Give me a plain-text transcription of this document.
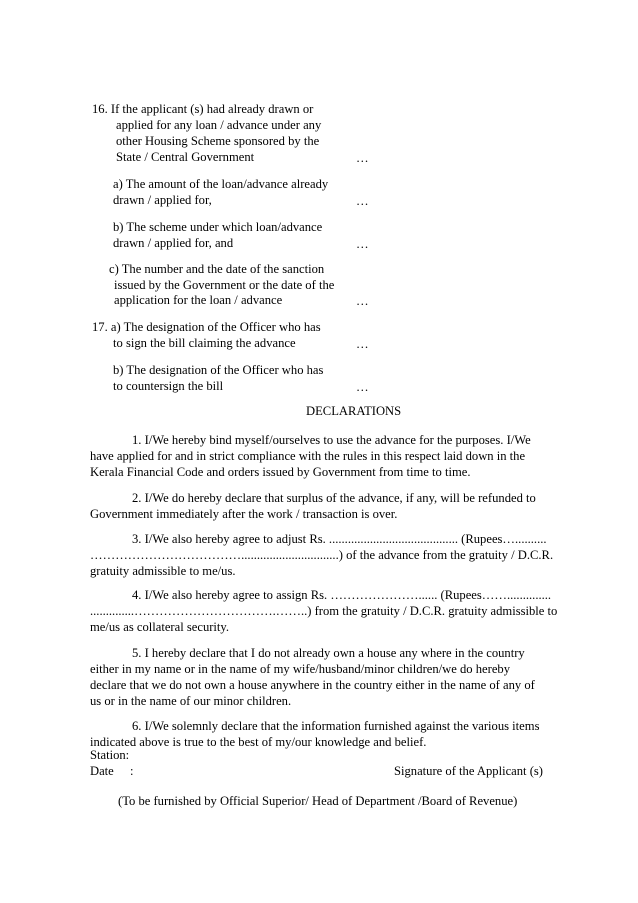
16. If the applicant (s) had already drawn or
applied for any loan / advance under any
other Housing Scheme sponsored by the
State / Central Government	…
a) The amount of the loan/advance already
drawn / applied for,	…
b) The scheme under which loan/advance
drawn / applied for, and	…
c) The number and the date of the sanction
issued by the Government or the date of the
application for the loan / advance	…
17. a) The designation of the Officer who has
to sign the bill claiming the advance	…
b) The designation of the Officer who has
to countersign the bill	…
DECLARATIONS
1. I/We hereby bind myself/ourselves to use the advance for the purposes. I/We
have applied for and in strict compliance with the rules in this respect laid down in the
Kerala Financial Code and orders issued by Government from time to time.
2. I/We do hereby declare that surplus of the advance, if any, will be refunded to
Government immediately after the work / transaction is over.
3. I/We also hereby agree to adjust Rs. ......................................... (Rupees…..........
………………………………...............................) of the advance from the gratuity / D.C.R.
gratuity admissible to me/us.
4. I/We also hereby agree to assign Rs. …………………...... (Rupees……..............
..............…………………………….……..) from the gratuity / D.C.R. gratuity admissible to
me/us as collateral security.
5. I hereby declare that I do not already own a house any where in the country
either in my name or in the name of my wife/husband/minor children/we do hereby
declare that we do not own a house anywhere in the country either in the name of any of
us or in the name of our minor children.
6. I/We solemnly declare that the information furnished against the various items
indicated above is true to the best of my/our knowledge and belief.
Station:
Date :	Signature of the Applicant (s)
(To be furnished by Official Superior/ Head of Department /Board of Revenue)
